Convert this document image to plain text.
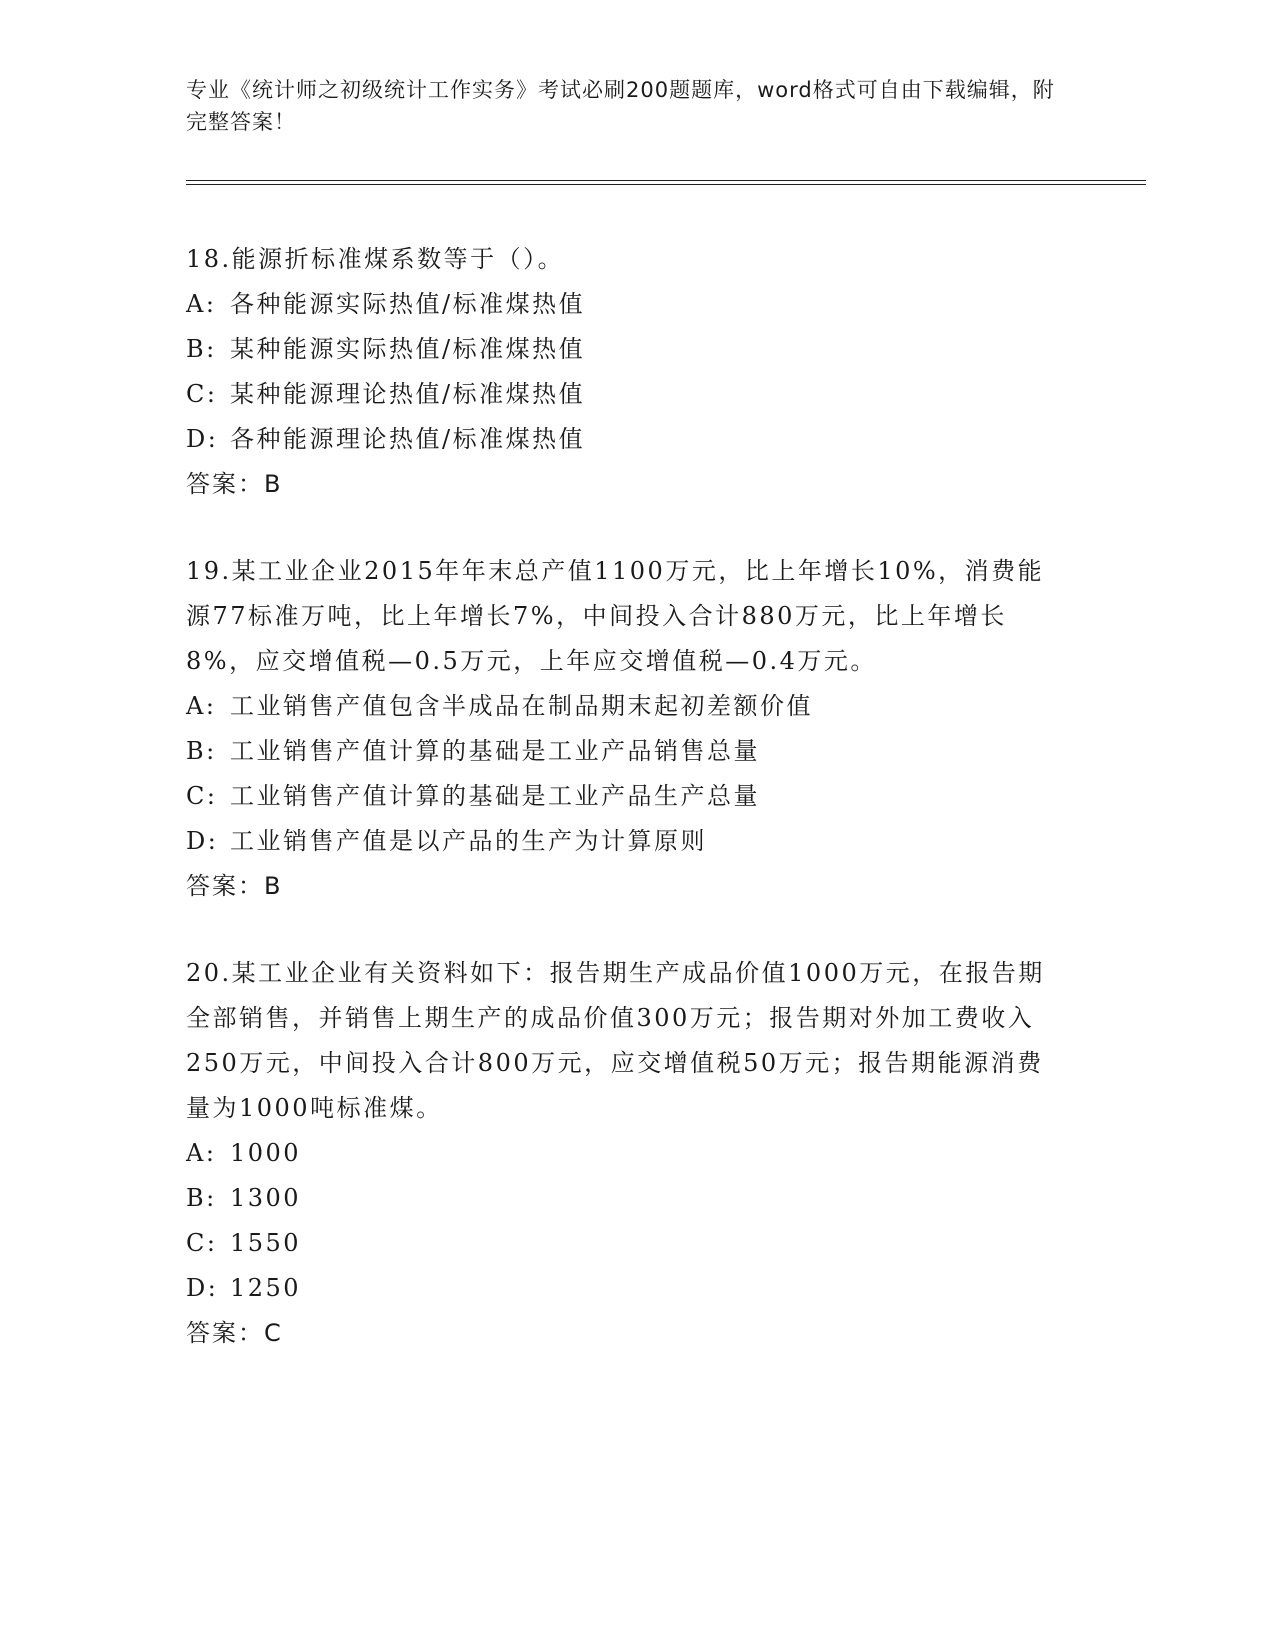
专业《统计师之初级统计工作实务》考试必刷200题题库，word格式可自由下载编辑，附完整答案！

18.能源折标准煤系数等于（）。

A: 各种能源实际热值/标准煤热值

B: 某种能源实际热值/标准煤热值

C: 某种能源理论热值/标准煤热值

D: 各种能源理论热值/标准煤热值

答案：B

19.某工业企业2015年年末总产值1100万元，比上年增长10%，消费能源77标准万吨，比上年增长7%，中间投入合计880万元，比上年增长8%，应交增值税—0.5万元，上年应交增值税—0.4万元。

A: 工业销售产值包含半成品在制品期末起初差额价值

B: 工业销售产值计算的基础是工业产品销售总量

C: 工业销售产值计算的基础是工业产品生产总量

D: 工业销售产值是以产品的生产为计算原则

答案：B

20.某工业企业有关资料如下：报告期生产成品价值1000万元，在报告期全部销售，并销售上期生产的成品价值300万元；报告期对外加工费收入250万元，中间投入合计800万元，应交增值税50万元；报告期能源消费量为1000吨标准煤。

A: 1000

B: 1300

C: 1550

D: 1250

答案：C
